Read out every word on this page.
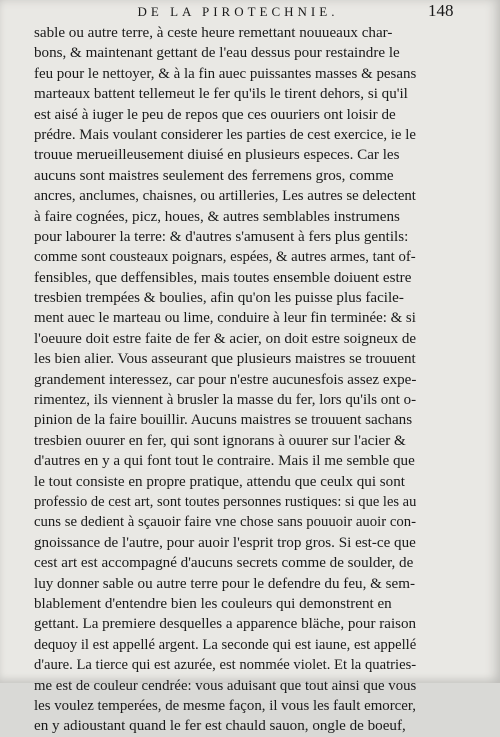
DE LA PIROTECHNIE.	148
sable ou autre terre, à ceste heure remettant nouueaux char-
bons, & maintenant gettant de l'eau dessus pour restaindre le
feu pour le nettoyer, & à la fin auec puissantes masses & pesans
marteaux battent tellemeut le fer qu'ils le tirent dehors, si qu'il
est aisé à iuger le peu de repos que ces ouuriers ont loisir de
prédre. Mais voulant considerer les parties de cest exercice, ie le
trouue merueilleusement diuisé en plusieurs especes. Car les
aucuns sont maistres seulement des ferremens gros, comme
ancres, anclumes, chaisnes, ou artilleries, Les autres se delectent
à faire cognées, picz, houes, & autres semblables instrumens
pour labourer la terre: & d'autres s'amusent à fers plus gentils:
comme sont cousteaux poignars, espées, & autres armes, tant of-
fensibles, que deffensibles, mais toutes ensemble doiuent estre
tresbien trempées & boulies, afin qu'on les puisse plus facile-
ment auec le marteau ou lime, conduire à leur fin terminée: & si
l'oeuure doit estre faite de fer & acier, on doit estre soigneux de
les bien alier. Vous asseurant que plusieurs maistres se trouuent
grandement interessez, car pour n'estre aucunesfois assez expe-
rimentez, ils viennent à brusler la masse du fer, lors qu'ils ont o-
pinion de la faire bouillir. Aucuns maistres se trouuent sachans
tresbien ouurer en fer, qui sont ignorans à ouurer sur l'acier &
d'autres en y a qui font tout le contraire. Mais il me semble que
le tout consiste en propre pratique, attendu que ceulx qui sont
professio de cest art, sont toutes personnes rustiques: si que les au
cuns se dedient à sçauoir faire vne chose sans pouuoir auoir con-
gnoissance de l'autre, pour auoir l'esprit trop gros. Si est-ce que
cest art est accompagné d'aucuns secrets comme de soulder, de
luy donner sable ou autre terre pour le defendre du feu, & sem-
blablement d'entendre bien les couleurs qui demonstrent en
gettant. La premiere desquelles a apparence bläche, pour raison
dequoy il est appellé argent. La seconde qui est iaune, est appellé
d'aure. La tierce qui est azurée, est nommée violet. Et la quatries-
me est de couleur cendrée: vous aduisant que tout ainsi que vous
les voulez temperées, de mesme façon, il vous les fault emorcer,
en y adioustant quand le fer est chauld sauon, ongle de boeuf,
